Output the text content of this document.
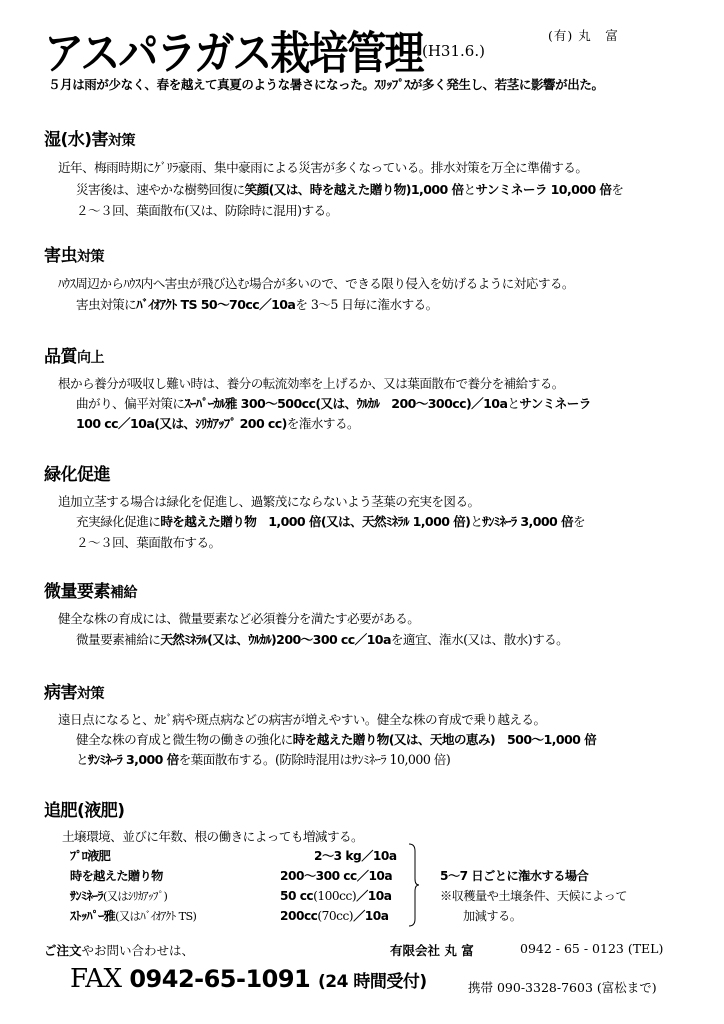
アスパラガス栽培管理 (H31.6.)
(有) 丸　富
５月は雨が少なく、春を越えて真夏のような暑さになった。ｽﾘｯﾌﾟｽが多く発生し、若茎に影響が出た。
湿(水)害対策
近年、梅雨時期にｹﾞﾘﾗ豪雨、集中豪雨による災害が多くなっている。排水対策を万全に準備する。
災害後は、速やかな樹勢回復に笑顔(又は、時を越えた贈り物)1,000 倍とサンミネーラ 10,000 倍を
２～３回、葉面散布(又は、防除時に混用)する。
害虫対策
ﾊｳｽ周辺からﾊｳｽ内へ害虫が飛び込む場合が多いので、できる限り侵入を妨げるように対応する。
害虫対策にﾊﾞｲｵｱｸﾄ TS 50～70cc／10aを 3～5 日毎に潅水する。
品質向上
根から養分が吸収し難い時は、養分の転流効率を上げるか、又は葉面散布で養分を補給する。
曲がり、偏平対策にｽｰﾊﾟｰｶﾙ雅 300～500cc(又は、ｳﾙｶﾙ　200～300cc)／10aとサンミネーラ
100 cc／10a(又は、ｼﾘｶｱｯﾌﾟ 200 cc)を潅水する。
緑化促進
追加立茎する場合は緑化を促進し、過繁茂にならないよう茎葉の充実を図る。
充実緑化促進に時を越えた贈り物　1,000 倍(又は、天然ﾐﾈﾗﾙ 1,000 倍)とｻﾝﾐﾈｰﾗ 3,000 倍を
２～３回、葉面散布する。
微量要素補給
健全な株の育成には、微量要素など必須養分を満たす必要がある。
微量要素補給に天然ﾐﾈﾗﾙ(又は、ｳﾙｶﾙ)200～300 cc／10aを適宜、潅水(又は、散水)する。
病害対策
遠日点になると、ｶﾋﾞ病や斑点病などの病害が増えやすい。健全な株の育成で乗り越える。
健全な株の育成と微生物の働きの強化に時を越えた贈り物(又は、天地の恵み)　500～1,000 倍
とｻﾝﾐﾈｰﾗ 3,000 倍を葉面散布する。(防除時混用はｻﾝﾐﾈｰﾗ 10,000 倍)
追肥(液肥)
土壌環境、並びに年数、根の働きによっても増減する。
ﾌﾟﾛ液肥	2～3 kg／10a
時を越えた贈り物	200～300 cc／10a
ｻﾝﾐﾈｰﾗ(又はｼﾘｶｱｯﾌﾟ)	50 cc(100cc)／10a
ｽﾄｯﾊﾟｰ雅(又はﾊﾞｲｵｱｸﾄ TS)	200cc(70cc)／10a
5～7 日ごとに潅水する場合
※収穫量や土壌条件、天候によって
加減する。
ご注文やお問い合わせは、	有限会社 丸 富	0942 - 65 - 0123 (TEL)
FAX 0942-65-1091 (24 時間受付)	携帯 090-3328-7603 (富松まで)
